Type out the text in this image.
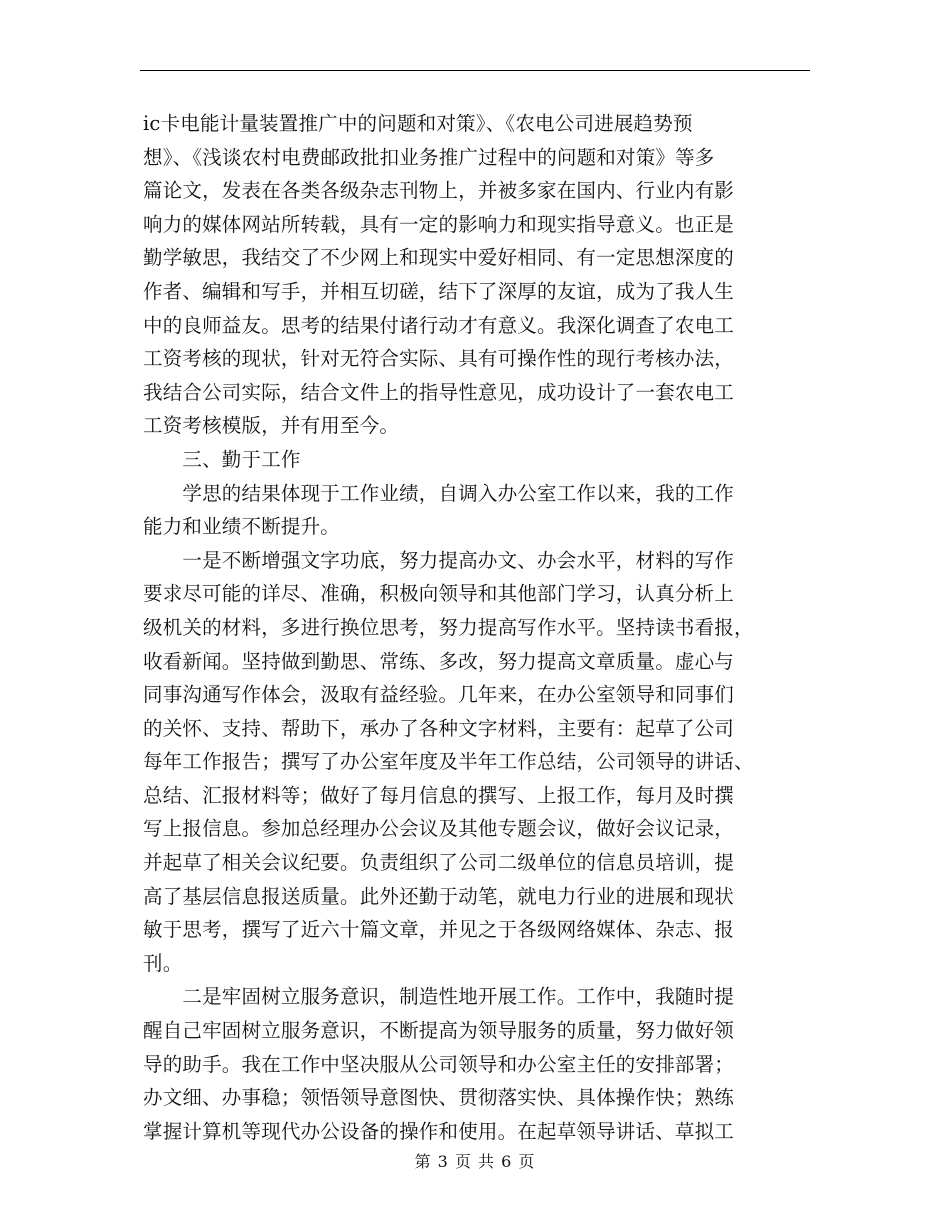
ic卡电能计量装置推广中的问题和对策》、《农电公司进展趋势预
想》、《浅谈农村电费邮政批扣业务推广过程中的问题和对策》等多
篇论文，发表在各类各级杂志刊物上，并被多家在国内、行业内有影
响力的媒体网站所转载，具有一定的影响力和现实指导意义。也正是
勤学敏思，我结交了不少网上和现实中爱好相同、有一定思想深度的
作者、编辑和写手，并相互切磋，结下了深厚的友谊，成为了我人生
中的良师益友。思考的结果付诸行动才有意义。我深化调查了农电工
工资考核的现状，针对无符合实际、具有可操作性的现行考核办法，
我结合公司实际，结合文件上的指导性意见，成功设计了一套农电工
工资考核模版，并有用至今。
　　三、勤于工作
　　学思的结果体现于工作业绩，自调入办公室工作以来，我的工作
能力和业绩不断提升。
　　一是不断增强文字功底，努力提高办文、办会水平，材料的写作
要求尽可能的详尽、准确，积极向领导和其他部门学习，认真分析上
级机关的材料，多进行换位思考，努力提高写作水平。坚持读书看报，
收看新闻。坚持做到勤思、常练、多改，努力提高文章质量。虚心与
同事沟通写作体会，汲取有益经验。几年来，在办公室领导和同事们
的关怀、支持、帮助下，承办了各种文字材料，主要有：起草了公司
每年工作报告；撰写了办公室年度及半年工作总结，公司领导的讲话、
总结、汇报材料等；做好了每月信息的撰写、上报工作，每月及时撰
写上报信息。参加总经理办公会议及其他专题会议，做好会议记录，
并起草了相关会议纪要。负责组织了公司二级单位的信息员培训，提
高了基层信息报送质量。此外还勤于动笔，就电力行业的进展和现状
敏于思考，撰写了近六十篇文章，并见之于各级网络媒体、杂志、报
刊。
　　二是牢固树立服务意识，制造性地开展工作。工作中，我随时提
醒自己牢固树立服务意识，不断提高为领导服务的质量，努力做好领
导的助手。我在工作中坚决服从公司领导和办公室主任的安排部署；
办文细、办事稳；领悟领导意图快、贯彻落实快、具体操作快；熟练
掌握计算机等现代办公设备的操作和使用。在起草领导讲话、草拟工
第 3 页 共 6 页
